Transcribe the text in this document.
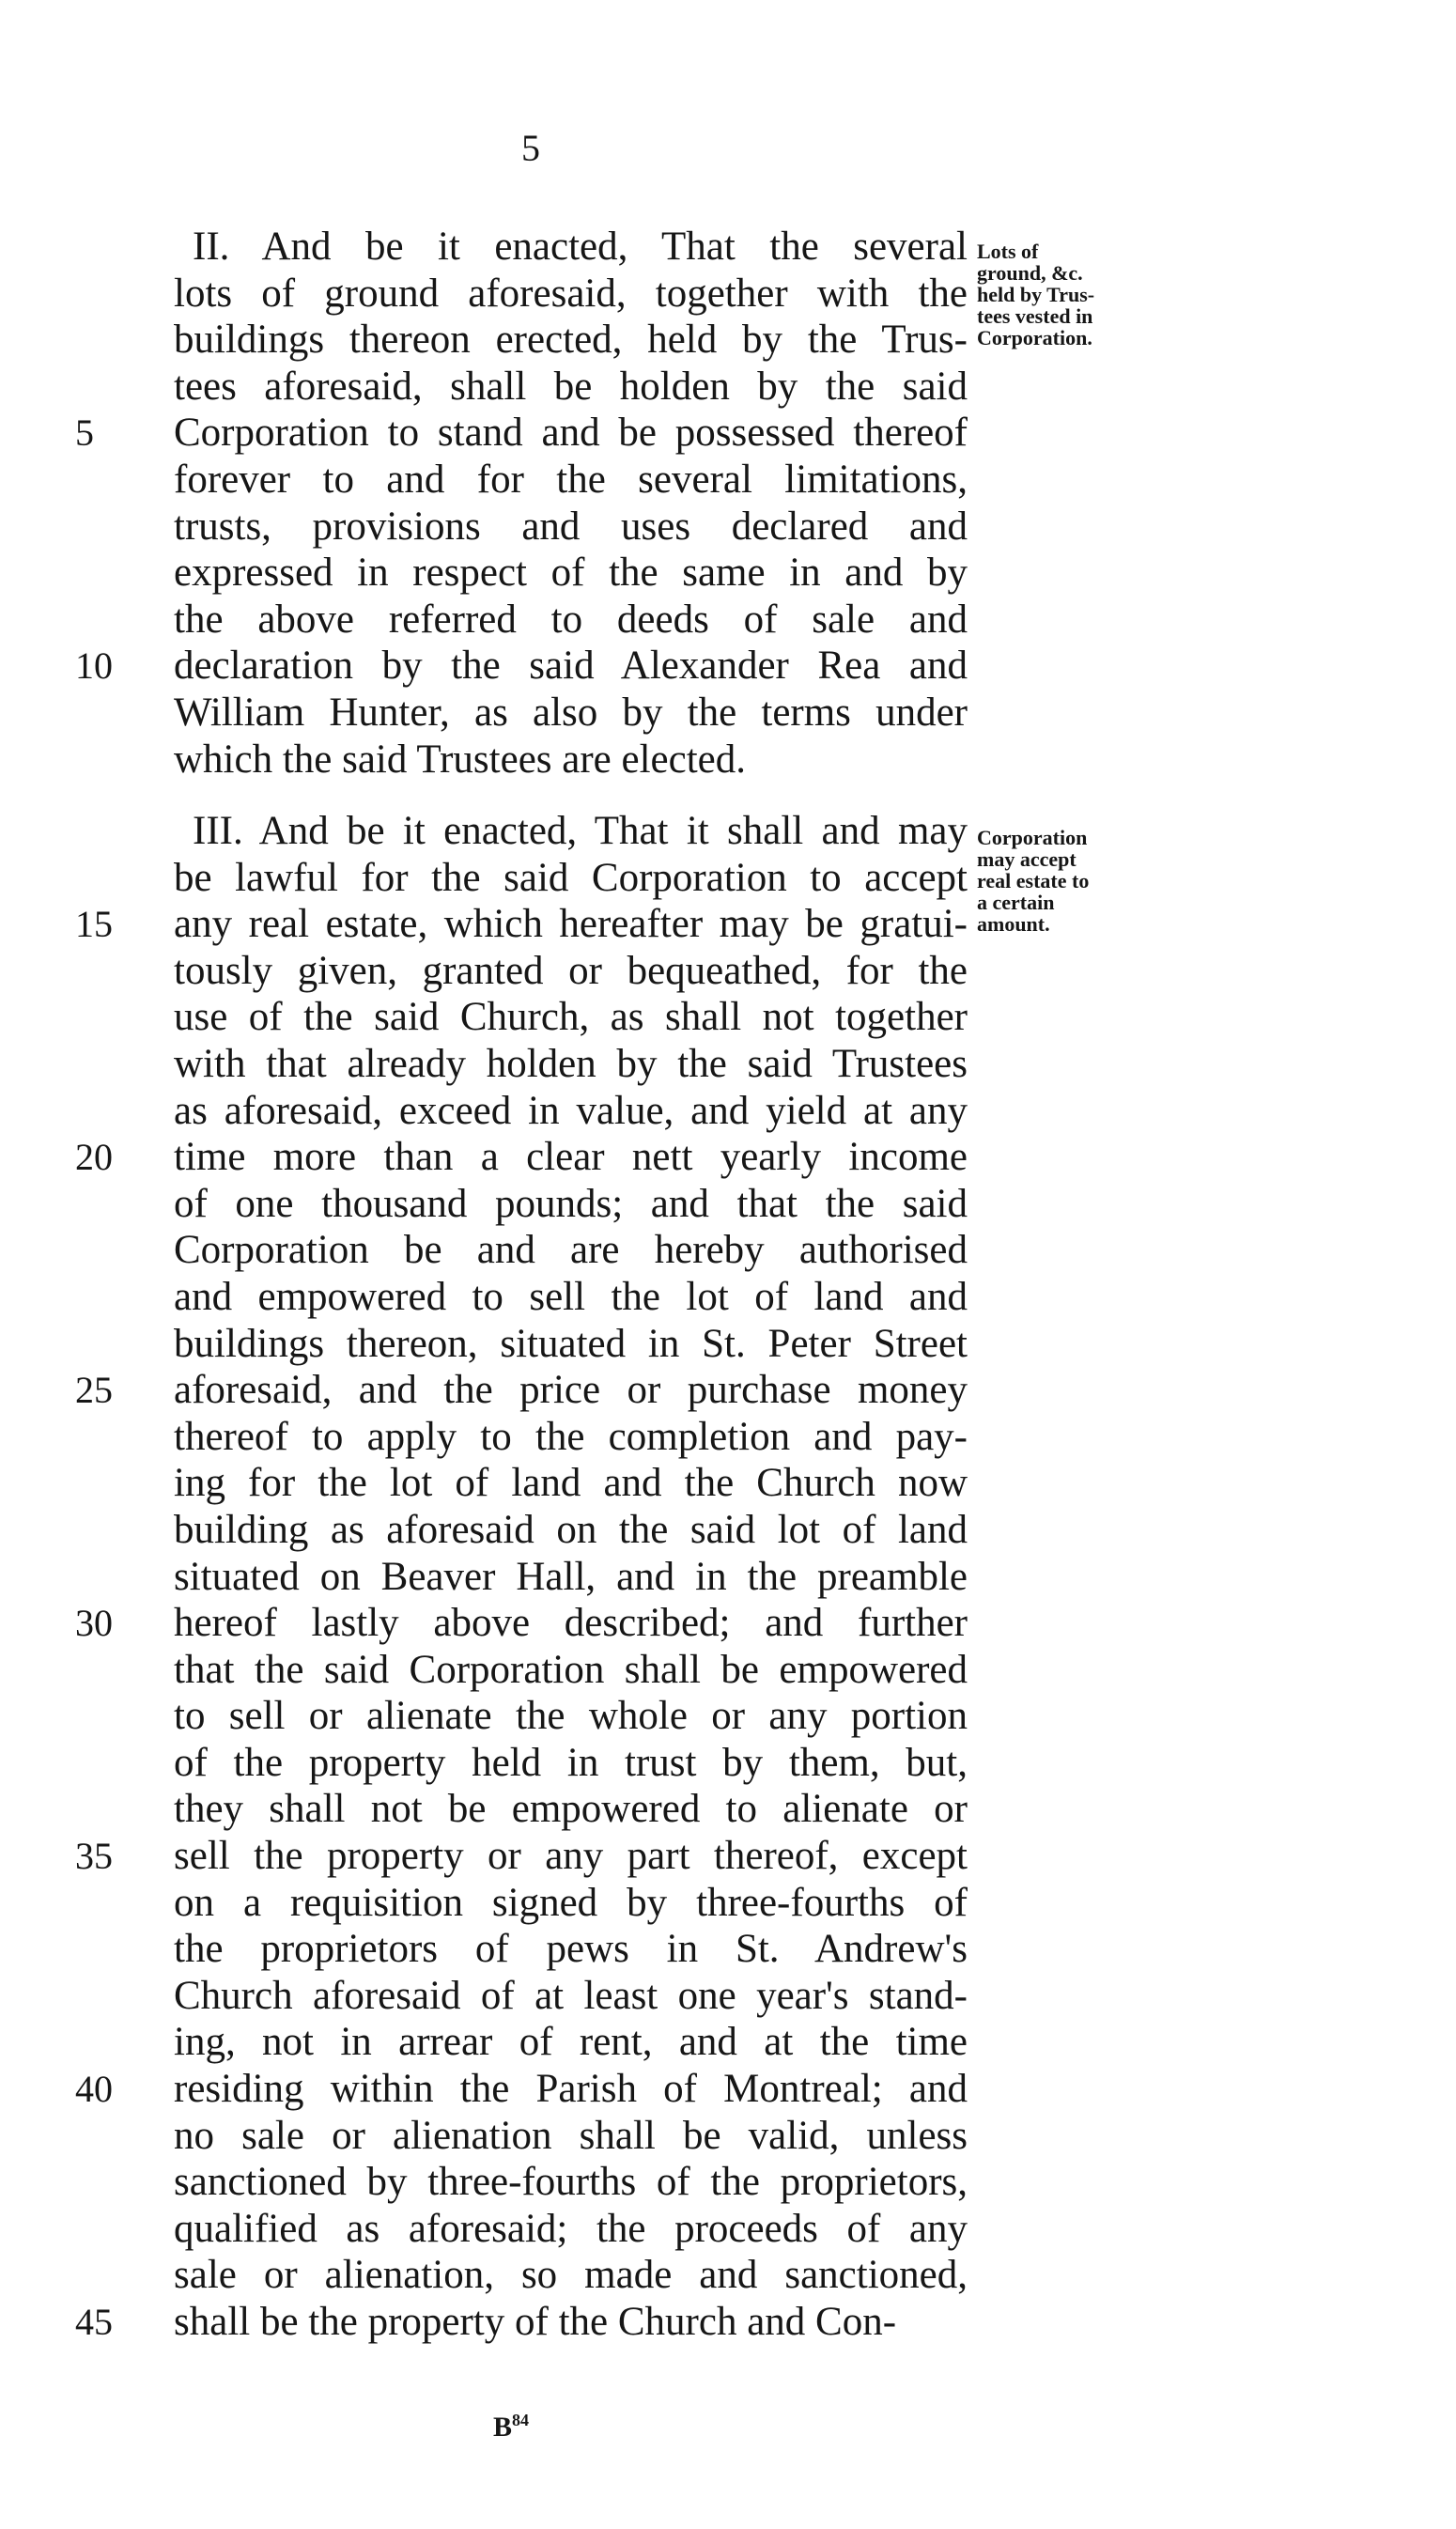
5
Lots of
ground, &c.
held by Trus-
tees vested in
Corporation.
Corporation
may accept
real estate to
a certain
amount.
II. And be it enacted, That the several
lots of ground aforesaid, together with the
buildings thereon erected, held by the Trus-
tees aforesaid, shall be holden by the said
5	Corporation to stand and be possessed thereof
forever to and for the several limitations,
trusts, provisions and uses declared and
expressed in respect of the same in and by
the above referred to deeds of sale and
10	declaration by the said Alexander Rea and
William Hunter, as also by the terms under
which the said Trustees are elected.
III. And be it enacted, That it shall and may
be lawful for the said Corporation to accept
15	any real estate, which hereafter may be gratui-
tously given, granted or bequeathed, for the
use of the said Church, as shall not together
with that already holden by the said Trustees
as aforesaid, exceed in value, and yield at any
20	time more than a clear nett yearly income
of one thousand pounds; and that the said
Corporation be and are hereby authorised
and empowered to sell the lot of land and
buildings thereon, situated in St. Peter Street
25	aforesaid, and the price or purchase money
thereof to apply to the completion and pay-
ing for the lot of land and the Church now
building as aforesaid on the said lot of land
situated on Beaver Hall, and in the preamble
30	hereof lastly above described; and further
that the said Corporation shall be empowered
to sell or alienate the whole or any portion
of the property held in trust by them, but,
they shall not be empowered to alienate or
35	sell the property or any part thereof, except
on a requisition signed by three-fourths of
the proprietors of pews in St. Andrew's
Church aforesaid of at least one year's stand-
ing, not in arrear of rent, and at the time
40	residing within the Parish of Montreal; and
no sale or alienation shall be valid, unless
sanctioned by three-fourths of the proprietors,
qualified as aforesaid; the proceeds of any
sale or alienation, so made and sanctioned,
45	shall be the property of the Church and Con-
$B^{84}$
